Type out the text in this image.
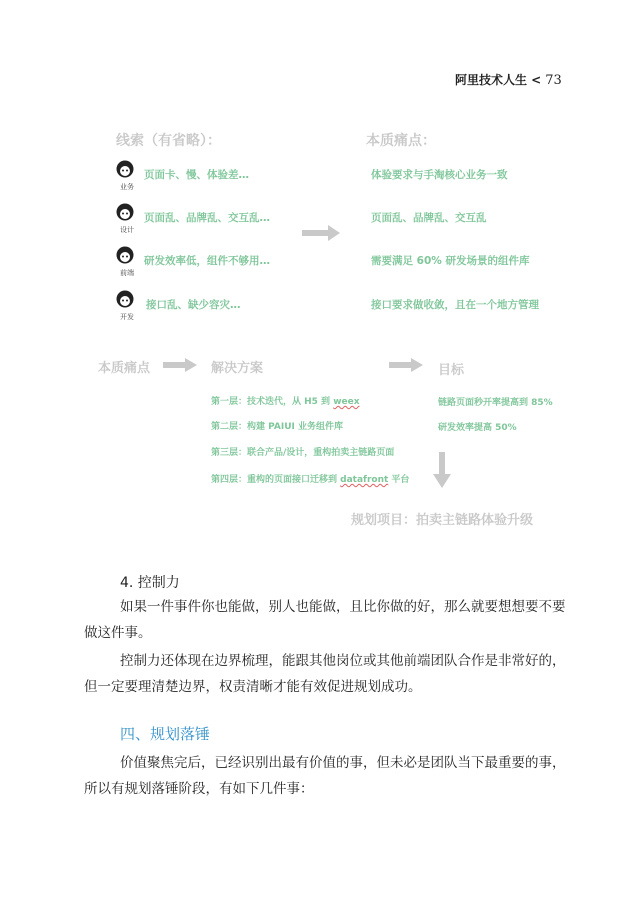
阿里技术人生 < 73
线索（有省略）：	本质痛点：
业务
页面卡、慢、体验差…
设计
页面乱、品牌乱、交互乱…
前端
研发效率低，组件不够用…
开发
接口乱、缺少容灾…
体验要求与手淘核心业务一致
页面乱、品牌乱、交互乱
需要满足 60% 研发场景的组件库
接口要求做收敛，且在一个地方管理
本质痛点	解决方案	目标
第一层：技术迭代，从 H5 到 weex
第二层：构建 PAIUI 业务组件库
第三层：联合产品/设计，重构拍卖主链路页面
第四层：重构的页面接口迁移到 datafront 平台
链路页面秒开率提高到 85%
研发效率提高 50%
规划项目：拍卖主链路体验升级
4. 控制力
如果一件事件你也能做，别人也能做，且比你做的好，那么就要想想要不要做这件事。
控制力还体现在边界梳理，能跟其他岗位或其他前端团队合作是非常好的，但一定要理清楚边界，权责清晰才能有效促进规划成功。
四、规划落锤
价值聚焦完后，已经识别出最有价值的事，但未必是团队当下最重要的事，所以有规划落锤阶段，有如下几件事：
